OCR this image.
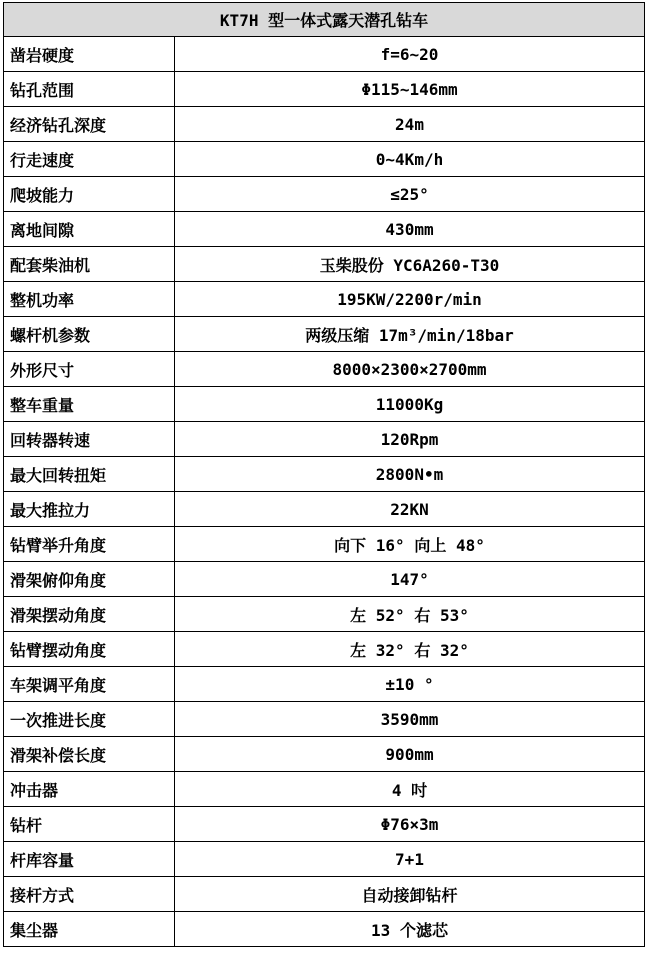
KT7H 型一体式露天潜孔钻车	
凿岩硬度	f=6~20
钻孔范围	Φ115~146mm
经济钻孔深度	24m
行走速度	0~4Km/h
爬坡能力	≤25°
离地间隙	430mm
配套柴油机	玉柴股份 YC6A260-T30
整机功率	195KW/2200r/min
螺杆机参数	两级压缩 17m³/min/18bar
外形尺寸	8000×2300×2700mm
整车重量	11000Kg
回转器转速	120Rpm
最大回转扭矩	2800N•m
最大推拉力	22KN
钻臂举升角度	向下 16° 向上 48°
滑架俯仰角度	147°
滑架摆动角度	左 52° 右 53°
钻臂摆动角度	左 32° 右 32°
车架调平角度	±10 °
一次推进长度	3590mm
滑架补偿长度	900mm
冲击器	4 吋
钻杆	Φ76×3m
杆库容量	7+1
接杆方式	自动接卸钻杆
集尘器	13 个滤芯
